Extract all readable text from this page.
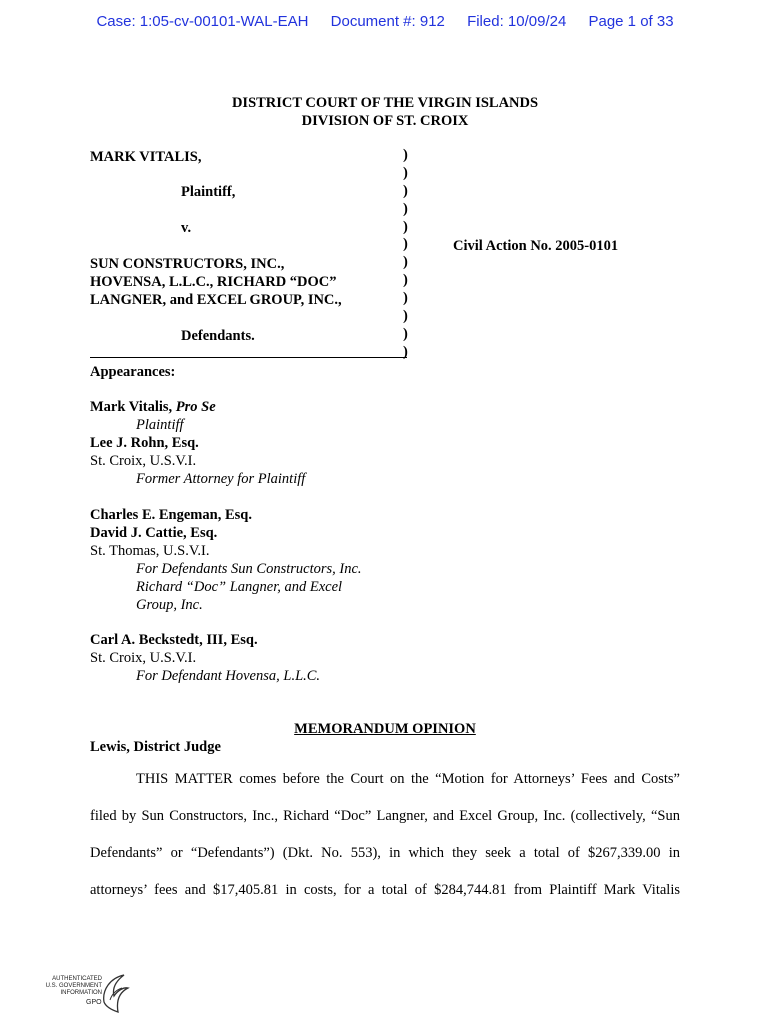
Case: 1:05-cv-00101-WAL-EAH Document #: 912 Filed: 10/09/24 Page 1 of 33
DISTRICT COURT OF THE VIRGIN ISLANDS
DIVISION OF ST. CROIX
MARK VITALIS,
Plaintiff,
v.
SUN CONSTRUCTORS, INC.,
HOVENSA, L.L.C., RICHARD “DOC”
LANGNER, and EXCEL GROUP, INC.,
Defendants.
)
)
)
)
)
)
)
)
)
)
)
)
Civil Action No. 2005-0101
Appearances:
Mark Vitalis, Pro Se
Plaintiff
Lee J. Rohn, Esq.
St. Croix, U.S.V.I.
Former Attorney for Plaintiff
Charles E. Engeman, Esq.
David J. Cattie, Esq.
St. Thomas, U.S.V.I.
For Defendants Sun Constructors, Inc.
Richard “Doc” Langner, and Excel
Group, Inc.
Carl A. Beckstedt, III, Esq.
St. Croix, U.S.V.I.
For Defendant Hovensa, L.L.C.
MEMORANDUM OPINION
Lewis, District Judge
THIS MATTER comes before the Court on the “Motion for Attorneys’ Fees and Costs”
filed by Sun Constructors, Inc., Richard “Doc” Langner, and Excel Group, Inc. (collectively, “Sun
Defendants” or “Defendants”) (Dkt. No. 553), in which they seek a total of $267,339.00 in
attorneys’ fees and $17,405.81 in costs, for a total of $284,744.81 from Plaintiff Mark Vitalis
AUTHENTICATED
U.S. GOVERNMENT
INFORMATION
GPO
